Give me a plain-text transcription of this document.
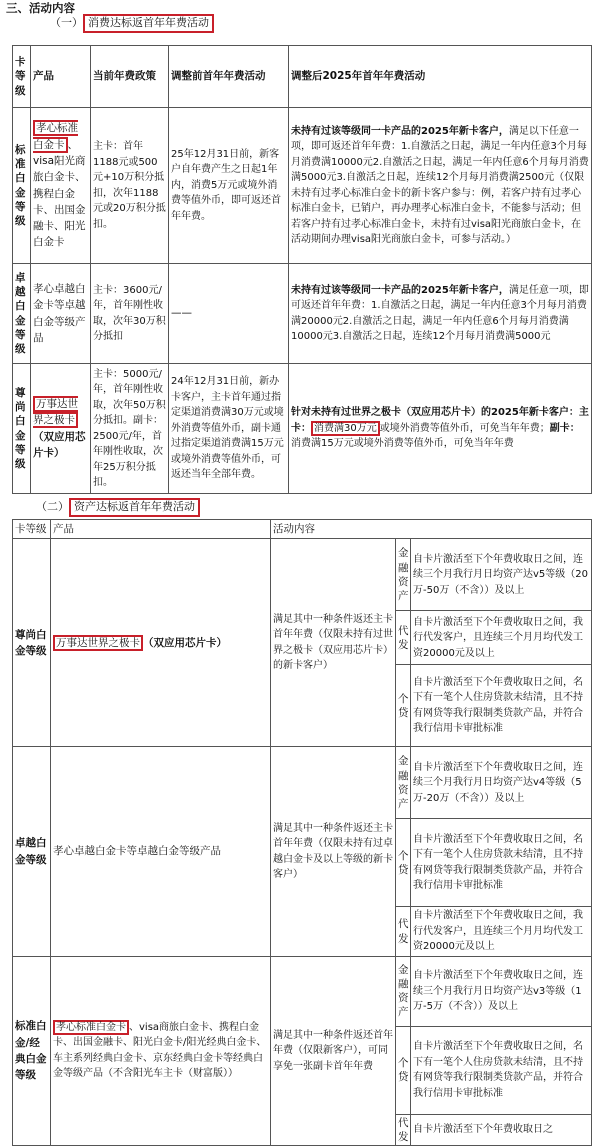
三、活动内容
（一） 消费达标返首年年费活动
卡等级	产品	当前年费政策	调整前首年年费活动	调整后2025年首年年费活动
标准白金等级	孝心标准白金卡 、visa阳光商旅白金卡、携程白金卡、出国金融卡、阳光白金卡	主卡：首年1188元或500元+10万积分抵扣，次年1188元或20万积分抵扣。	25年12月31日前，新客户自年费产生之日起1年内，消费5万元或境外消费等值外币，即可返还首年年费。	未持有过该等级同一卡产品的2025年新卡客户，满足以下任意一项，即可返还首年年费：1.自激活之日起，满足一年内任意3个月每月消费满10000元2.自激活之日起，满足一年内任意6个月每月消费满5000元3.自激活之日起，连续12个月每月消费满2500元（仅限未持有过孝心标准白金卡的新卡客户参与：例，若客户持有过孝心标准白金卡，已销户，再办理孝心标准白金卡，不能参与活动；但若客户持有过孝心标准白金卡，未持有过visa阳光商旅白金卡，在活动期间办理visa阳光商旅白金卡，可参与活动。）
卓越白金等级	孝心卓越白金卡等卓越白金等级产品	主卡：3600元/年，首年刚性收取，次年30万积分抵扣	——	未持有过该等级同一卡产品的2025年新卡客户，满足任意一项，即可返还首年年费：1.自激活之日起，满足一年内任意3个月每月消费满20000元2.自激活之日起，满足一年内任意6个月每月消费满10000元3.自激活之日起，连续12个月每月消费满5000元
尊尚白金等级	万事达世界之极卡（双应用芯片卡）	主卡：5000元/年，首年刚性收取，次年50万积分抵扣。副卡：2500元/年，首年刚性收取，次年25万积分抵扣。	24年12月31日前，新办卡客户，主卡首年通过指定渠道消费满30万元或境外消费等值外币，副卡通过指定渠道消费满15万元或境外消费等值外币，可返还当年全部年费。	针对未持有过世界之极卡（双应用芯片卡）的2025年新卡客户：主卡： 消费满30万元 或境外消费等值外币，可免当年年费；副卡：消费满15万元或境外消费等值外币，可免当年年费
（二） 资产达标返首年年费活动
卡等级	产品	活动内容		
尊尚白金等级	万事达世界之极卡 （双应用芯片卡）	满足其中一种条件返还主卡首年年费（仅限未持有过世界之极卡（双应用芯片卡）的新卡客户）	金融资产	自卡片激活至下个年费收取日之间，连续三个月我行月日均资产达v5等级（20万-50万（不含））及以上
			代发	自卡片激活至下个年费收取日之间，我行代发客户，且连续三个月月均代发工资20000元及以上
			个贷	自卡片激活至下个年费收取日之间，名下有一笔个人住房贷款未结清，且不持有网贷等我行限制类贷款产品，并符合我行信用卡审批标准
卓越白金等级	孝心卓越白金卡等卓越白金等级产品	满足其中一种条件返还主卡首年年费（仅限未持有过卓越白金卡及以上等级的新卡客户）	金融资产	自卡片激活至下个年费收取日之间，连续三个月我行月日均资产达v4等级（5万-20万（不含））及以上
			个贷	自卡片激活至下个年费收取日之间，名下有一笔个人住房贷款未结清，且不持有网贷等我行限制类贷款产品，并符合我行信用卡审批标准
			代发	自卡片激活至下个年费收取日之间，我行代发客户，且连续三个月月均代发工资20000元及以上
标准白金/经典白金等级	孝心标准白金卡 、visa商旅白金卡、携程白金卡、出国金融卡、阳光白金卡/阳光经典白金卡、车主系列经典白金卡、京东经典白金卡等经典白金等级产品（不含阳光车主卡（财富版））	满足其中一种条件返还首年年费（仅限新客户），可同享免一张副卡首年年费	金融资产	自卡片激活至下个年费收取日之间，连续三个月我行月日均资产达v3等级（1万-5万（不含））及以上
			个贷	自卡片激活至下个年费收取日之间，名下有一笔个人住房贷款未结清，且不持有网贷等我行限制类贷款产品，并符合我行信用卡审批标准
			代发	自卡片激活至下个年费收取日之
